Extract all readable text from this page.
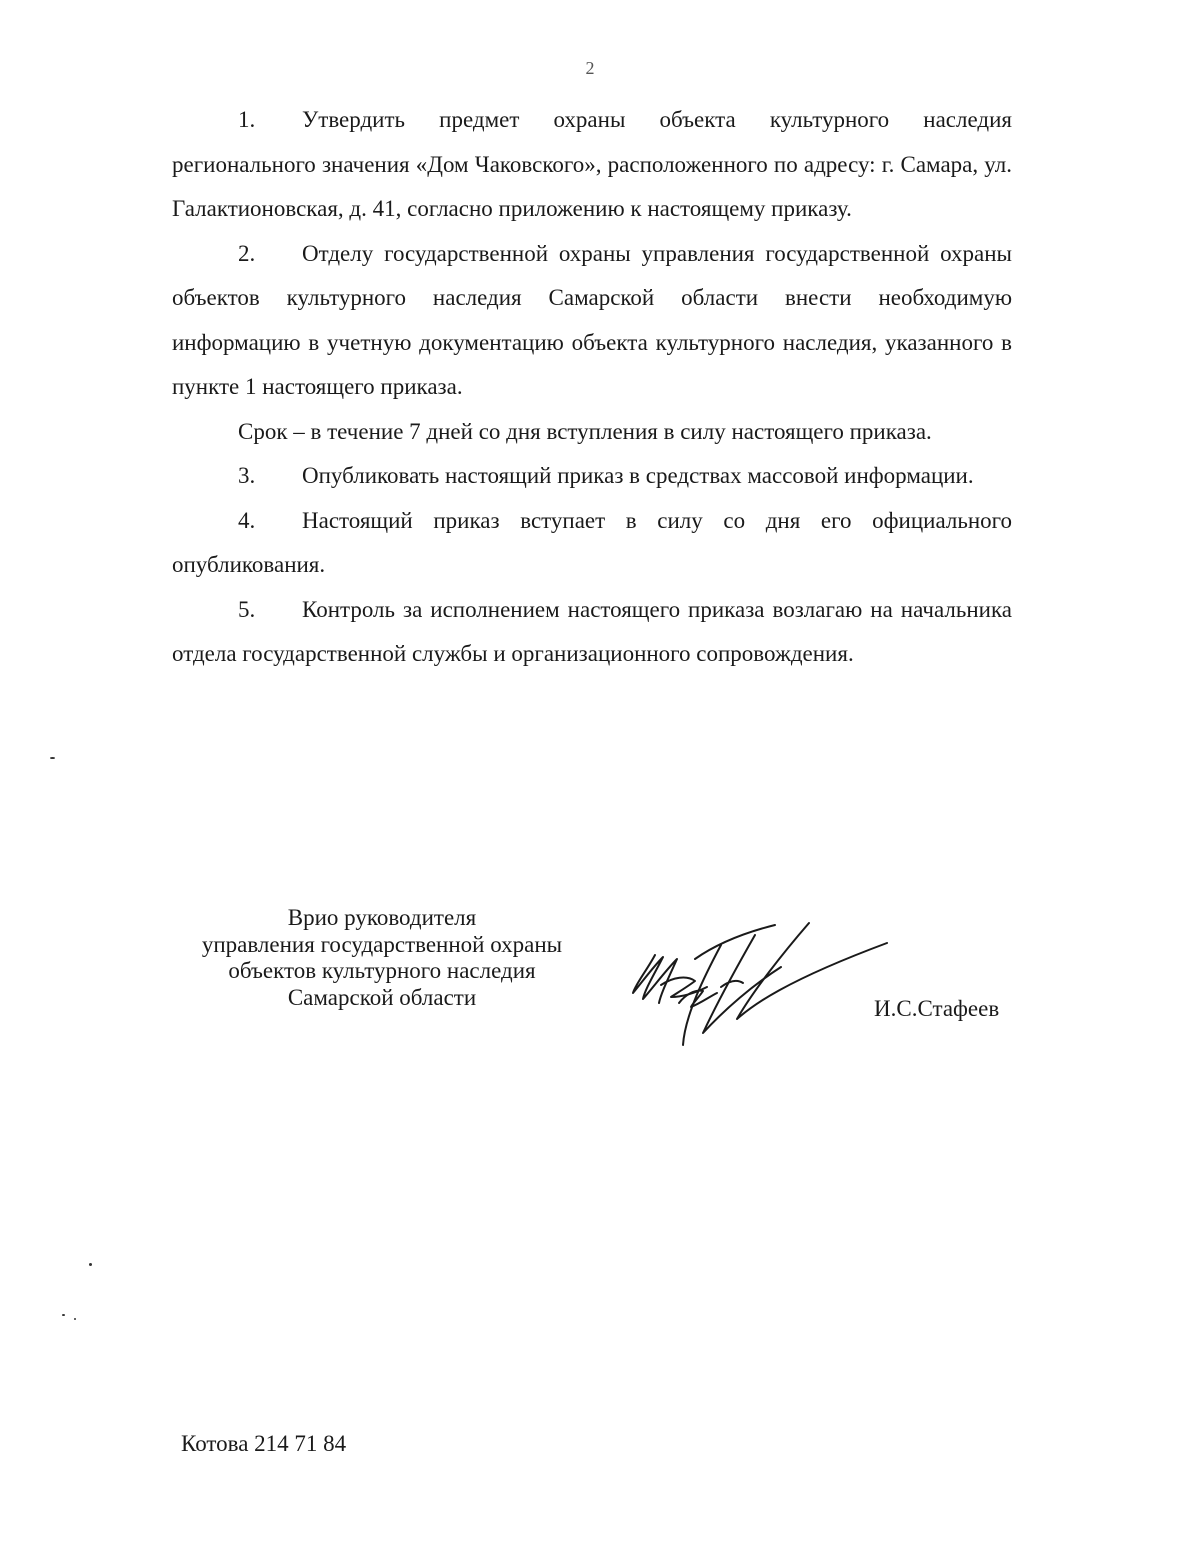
2

1. Утвердить предмет охраны объекта культурного наследия регионального значения «Дом Чаковского», расположенного по адресу: г. Самара, ул. Галактионовская, д. 41, согласно приложению к настоящему приказу.

2. Отделу государственной охраны управления государственной охраны объектов культурного наследия Самарской области внести необходимую информацию в учетную документацию объекта культурного наследия, указанного в пункте 1 настоящего приказа.

Срок – в течение 7 дней со дня вступления в силу настоящего приказа.

3. Опубликовать настоящий приказ в средствах массовой информации.

4. Настоящий приказ вступает в силу со дня его официального опубликования.

5. Контроль за исполнением настоящего приказа возлагаю на начальника отдела государственной службы и организационного сопровождения.

Врио руководителя
управления государственной охраны
объектов культурного наследия
Самарской области	И.С.Стафеев
Котова 214 71 84
